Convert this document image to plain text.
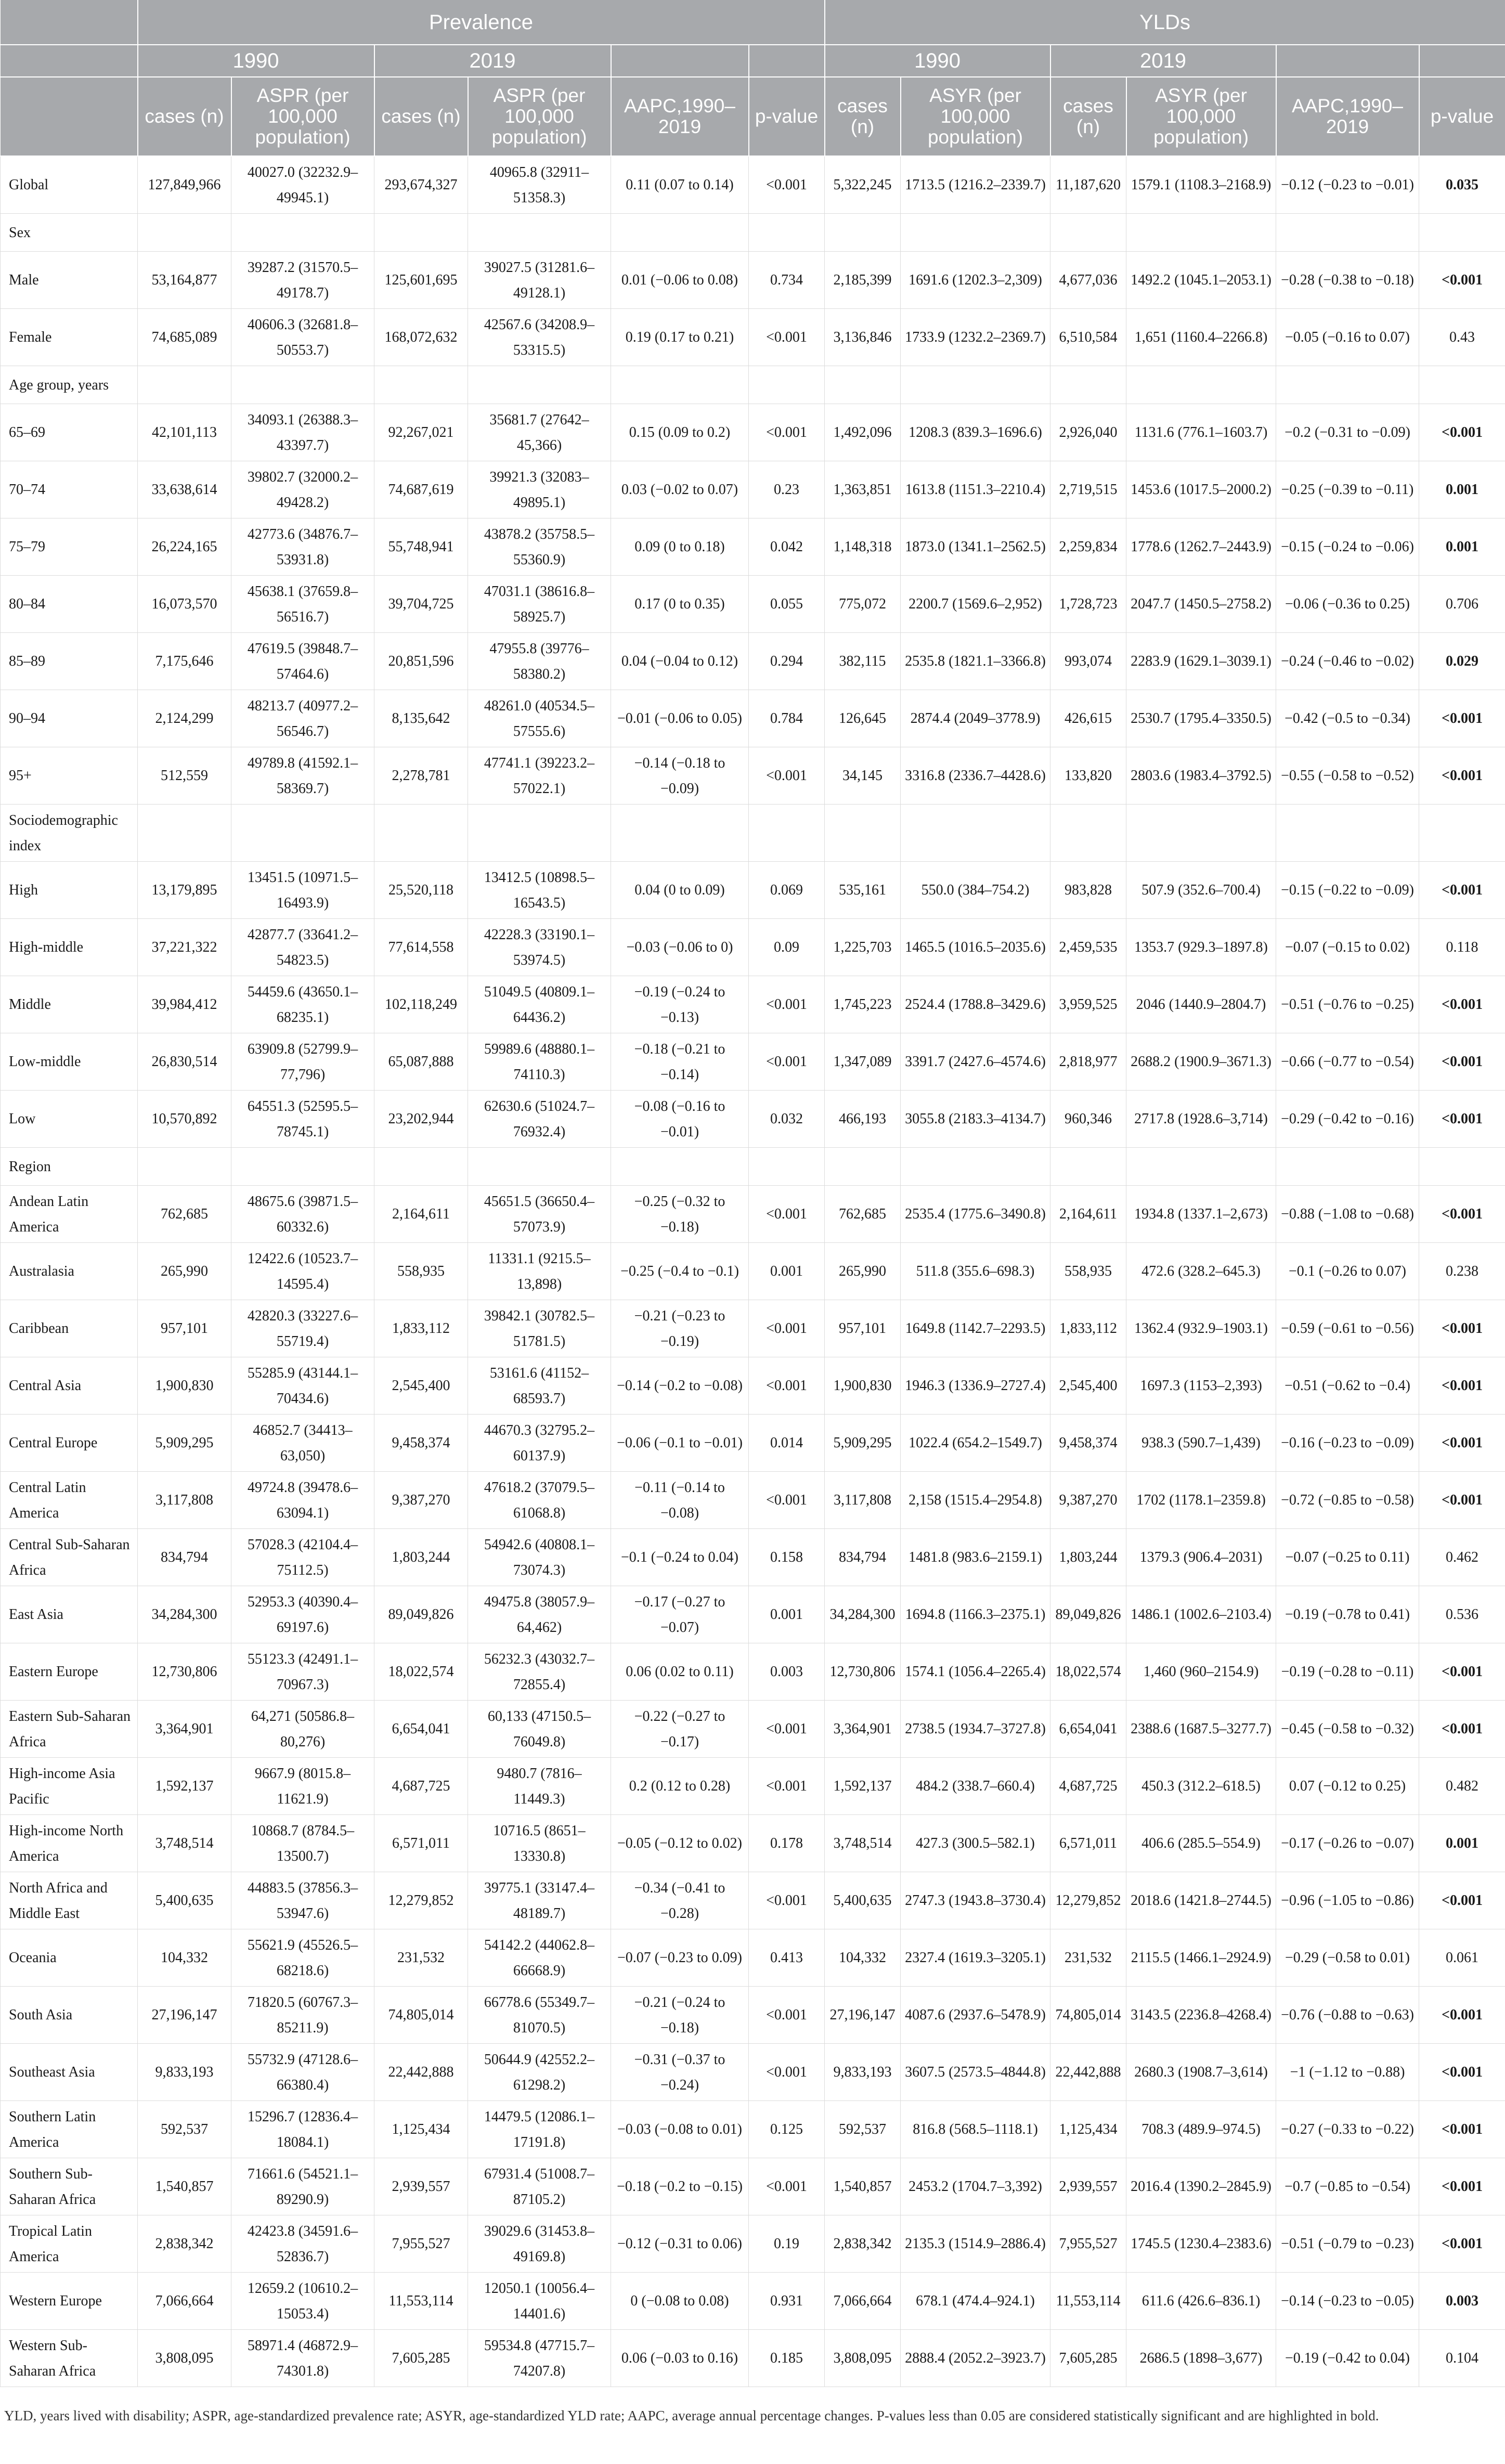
	Prevalence						YLDs					
	1990		2019				1990		2019			
	cases (n)	ASPR (per 100,000 population)	cases (n)	ASPR (per 100,000 population)	AAPC,1990–2019	p-value	cases (n)	ASYR (per 100,000 population)	cases (n)	ASYR (per 100,000 population)	AAPC,1990–2019	p-value
Global	127,849,966	40027.0 (32232.9–49945.1)	293,674,327	40965.8 (32911–51358.3)	0.11 (0.07 to 0.14)	<0.001	5,322,245	1713.5 (1216.2–2339.7)	11,187,620	1579.1 (1108.3–2168.9)	−0.12 (−0.23 to −0.01)	0.035
Sex												
Male	53,164,877	39287.2 (31570.5–49178.7)	125,601,695	39027.5 (31281.6–49128.1)	0.01 (−0.06 to 0.08)	0.734	2,185,399	1691.6 (1202.3–2,309)	4,677,036	1492.2 (1045.1–2053.1)	−0.28 (−0.38 to −0.18)	<0.001
Female	74,685,089	40606.3 (32681.8–50553.7)	168,072,632	42567.6 (34208.9–53315.5)	0.19 (0.17 to 0.21)	<0.001	3,136,846	1733.9 (1232.2–2369.7)	6,510,584	1,651 (1160.4–2266.8)	−0.05 (−0.16 to 0.07)	0.43
Age group, years												
65–69	42,101,113	34093.1 (26388.3–43397.7)	92,267,021	35681.7 (27642–45,366)	0.15 (0.09 to 0.2)	<0.001	1,492,096	1208.3 (839.3–1696.6)	2,926,040	1131.6 (776.1–1603.7)	−0.2 (−0.31 to −0.09)	<0.001
70–74	33,638,614	39802.7 (32000.2–49428.2)	74,687,619	39921.3 (32083–49895.1)	0.03 (−0.02 to 0.07)	0.23	1,363,851	1613.8 (1151.3–2210.4)	2,719,515	1453.6 (1017.5–2000.2)	−0.25 (−0.39 to −0.11)	0.001
75–79	26,224,165	42773.6 (34876.7–53931.8)	55,748,941	43878.2 (35758.5–55360.9)	0.09 (0 to 0.18)	0.042	1,148,318	1873.0 (1341.1–2562.5)	2,259,834	1778.6 (1262.7–2443.9)	−0.15 (−0.24 to −0.06)	0.001
80–84	16,073,570	45638.1 (37659.8–56516.7)	39,704,725	47031.1 (38616.8–58925.7)	0.17 (0 to 0.35)	0.055	775,072	2200.7 (1569.6–2,952)	1,728,723	2047.7 (1450.5–2758.2)	−0.06 (−0.36 to 0.25)	0.706
85–89	7,175,646	47619.5 (39848.7–57464.6)	20,851,596	47955.8 (39776–58380.2)	0.04 (−0.04 to 0.12)	0.294	382,115	2535.8 (1821.1–3366.8)	993,074	2283.9 (1629.1–3039.1)	−0.24 (−0.46 to −0.02)	0.029
90–94	2,124,299	48213.7 (40977.2–56546.7)	8,135,642	48261.0 (40534.5–57555.6)	−0.01 (−0.06 to 0.05)	0.784	126,645	2874.4 (2049–3778.9)	426,615	2530.7 (1795.4–3350.5)	−0.42 (−0.5 to −0.34)	<0.001
95+	512,559	49789.8 (41592.1–58369.7)	2,278,781	47741.1 (39223.2–57022.1)	−0.14 (−0.18 to −0.09)	<0.001	34,145	3316.8 (2336.7–4428.6)	133,820	2803.6 (1983.4–3792.5)	−0.55 (−0.58 to −0.52)	<0.001
Sociodemographic index												
High	13,179,895	13451.5 (10971.5–16493.9)	25,520,118	13412.5 (10898.5–16543.5)	0.04 (0 to 0.09)	0.069	535,161	550.0 (384–754.2)	983,828	507.9 (352.6–700.4)	−0.15 (−0.22 to −0.09)	<0.001
High-middle	37,221,322	42877.7 (33641.2–54823.5)	77,614,558	42228.3 (33190.1–53974.5)	−0.03 (−0.06 to 0)	0.09	1,225,703	1465.5 (1016.5–2035.6)	2,459,535	1353.7 (929.3–1897.8)	−0.07 (−0.15 to 0.02)	0.118
Middle	39,984,412	54459.6 (43650.1–68235.1)	102,118,249	51049.5 (40809.1–64436.2)	−0.19 (−0.24 to −0.13)	<0.001	1,745,223	2524.4 (1788.8–3429.6)	3,959,525	2046 (1440.9–2804.7)	−0.51 (−0.76 to −0.25)	<0.001
Low-middle	26,830,514	63909.8 (52799.9–77,796)	65,087,888	59989.6 (48880.1–74110.3)	−0.18 (−0.21 to −0.14)	<0.001	1,347,089	3391.7 (2427.6–4574.6)	2,818,977	2688.2 (1900.9–3671.3)	−0.66 (−0.77 to −0.54)	<0.001
Low	10,570,892	64551.3 (52595.5–78745.1)	23,202,944	62630.6 (51024.7–76932.4)	−0.08 (−0.16 to −0.01)	0.032	466,193	3055.8 (2183.3–4134.7)	960,346	2717.8 (1928.6–3,714)	−0.29 (−0.42 to −0.16)	<0.001
Region												
Andean Latin America	762,685	48675.6 (39871.5–60332.6)	2,164,611	45651.5 (36650.4–57073.9)	−0.25 (−0.32 to −0.18)	<0.001	762,685	2535.4 (1775.6–3490.8)	2,164,611	1934.8 (1337.1–2,673)	−0.88 (−1.08 to −0.68)	<0.001
Australasia	265,990	12422.6 (10523.7–14595.4)	558,935	11331.1 (9215.5–13,898)	−0.25 (−0.4 to −0.1)	0.001	265,990	511.8 (355.6–698.3)	558,935	472.6 (328.2–645.3)	−0.1 (−0.26 to 0.07)	0.238
Caribbean	957,101	42820.3 (33227.6–55719.4)	1,833,112	39842.1 (30782.5–51781.5)	−0.21 (−0.23 to −0.19)	<0.001	957,101	1649.8 (1142.7–2293.5)	1,833,112	1362.4 (932.9–1903.1)	−0.59 (−0.61 to −0.56)	<0.001
Central Asia	1,900,830	55285.9 (43144.1–70434.6)	2,545,400	53161.6 (41152–68593.7)	−0.14 (−0.2 to −0.08)	<0.001	1,900,830	1946.3 (1336.9–2727.4)	2,545,400	1697.3 (1153–2,393)	−0.51 (−0.62 to −0.4)	<0.001
Central Europe	5,909,295	46852.7 (34413–63,050)	9,458,374	44670.3 (32795.2–60137.9)	−0.06 (−0.1 to −0.01)	0.014	5,909,295	1022.4 (654.2–1549.7)	9,458,374	938.3 (590.7–1,439)	−0.16 (−0.23 to −0.09)	<0.001
Central Latin America	3,117,808	49724.8 (39478.6–63094.1)	9,387,270	47618.2 (37079.5–61068.8)	−0.11 (−0.14 to −0.08)	<0.001	3,117,808	2,158 (1515.4–2954.8)	9,387,270	1702 (1178.1–2359.8)	−0.72 (−0.85 to −0.58)	<0.001
Central Sub-Saharan Africa	834,794	57028.3 (42104.4–75112.5)	1,803,244	54942.6 (40808.1–73074.3)	−0.1 (−0.24 to 0.04)	0.158	834,794	1481.8 (983.6–2159.1)	1,803,244	1379.3 (906.4–2031)	−0.07 (−0.25 to 0.11)	0.462
East Asia	34,284,300	52953.3 (40390.4–69197.6)	89,049,826	49475.8 (38057.9–64,462)	−0.17 (−0.27 to −0.07)	0.001	34,284,300	1694.8 (1166.3–2375.1)	89,049,826	1486.1 (1002.6–2103.4)	−0.19 (−0.78 to 0.41)	0.536
Eastern Europe	12,730,806	55123.3 (42491.1–70967.3)	18,022,574	56232.3 (43032.7–72855.4)	0.06 (0.02 to 0.11)	0.003	12,730,806	1574.1 (1056.4–2265.4)	18,022,574	1,460 (960–2154.9)	−0.19 (−0.28 to −0.11)	<0.001
Eastern Sub-Saharan Africa	3,364,901	64,271 (50586.8–80,276)	6,654,041	60,133 (47150.5–76049.8)	−0.22 (−0.27 to −0.17)	<0.001	3,364,901	2738.5 (1934.7–3727.8)	6,654,041	2388.6 (1687.5–3277.7)	−0.45 (−0.58 to −0.32)	<0.001
High-income Asia Pacific	1,592,137	9667.9 (8015.8–11621.9)	4,687,725	9480.7 (7816–11449.3)	0.2 (0.12 to 0.28)	<0.001	1,592,137	484.2 (338.7–660.4)	4,687,725	450.3 (312.2–618.5)	0.07 (−0.12 to 0.25)	0.482
High-income North America	3,748,514	10868.7 (8784.5–13500.7)	6,571,011	10716.5 (8651–13330.8)	−0.05 (−0.12 to 0.02)	0.178	3,748,514	427.3 (300.5–582.1)	6,571,011	406.6 (285.5–554.9)	−0.17 (−0.26 to −0.07)	0.001
North Africa and Middle East	5,400,635	44883.5 (37856.3–53947.6)	12,279,852	39775.1 (33147.4–48189.7)	−0.34 (−0.41 to −0.28)	<0.001	5,400,635	2747.3 (1943.8–3730.4)	12,279,852	2018.6 (1421.8–2744.5)	−0.96 (−1.05 to −0.86)	<0.001
Oceania	104,332	55621.9 (45526.5–68218.6)	231,532	54142.2 (44062.8–66668.9)	−0.07 (−0.23 to 0.09)	0.413	104,332	2327.4 (1619.3–3205.1)	231,532	2115.5 (1466.1–2924.9)	−0.29 (−0.58 to 0.01)	0.061
South Asia	27,196,147	71820.5 (60767.3–85211.9)	74,805,014	66778.6 (55349.7–81070.5)	−0.21 (−0.24 to −0.18)	<0.001	27,196,147	4087.6 (2937.6–5478.9)	74,805,014	3143.5 (2236.8–4268.4)	−0.76 (−0.88 to −0.63)	<0.001
Southeast Asia	9,833,193	55732.9 (47128.6–66380.4)	22,442,888	50644.9 (42552.2–61298.2)	−0.31 (−0.37 to −0.24)	<0.001	9,833,193	3607.5 (2573.5–4844.8)	22,442,888	2680.3 (1908.7–3,614)	−1 (−1.12 to −0.88)	<0.001
Southern Latin America	592,537	15296.7 (12836.4–18084.1)	1,125,434	14479.5 (12086.1–17191.8)	−0.03 (−0.08 to 0.01)	0.125	592,537	816.8 (568.5–1118.1)	1,125,434	708.3 (489.9–974.5)	−0.27 (−0.33 to −0.22)	<0.001
Southern Sub-Saharan Africa	1,540,857	71661.6 (54521.1–89290.9)	2,939,557	67931.4 (51008.7–87105.2)	−0.18 (−0.2 to −0.15)	<0.001	1,540,857	2453.2 (1704.7–3,392)	2,939,557	2016.4 (1390.2–2845.9)	−0.7 (−0.85 to −0.54)	<0.001
Tropical Latin America	2,838,342	42423.8 (34591.6–52836.7)	7,955,527	39029.6 (31453.8–49169.8)	−0.12 (−0.31 to 0.06)	0.19	2,838,342	2135.3 (1514.9–2886.4)	7,955,527	1745.5 (1230.4–2383.6)	−0.51 (−0.79 to −0.23)	<0.001
Western Europe	7,066,664	12659.2 (10610.2–15053.4)	11,553,114	12050.1 (10056.4–14401.6)	0 (−0.08 to 0.08)	0.931	7,066,664	678.1 (474.4–924.1)	11,553,114	611.6 (426.6–836.1)	−0.14 (−0.23 to −0.05)	0.003
Western Sub-Saharan Africa	3,808,095	58971.4 (46872.9–74301.8)	7,605,285	59534.8 (47715.7–74207.8)	0.06 (−0.03 to 0.16)	0.185	3,808,095	2888.4 (2052.2–3923.7)	7,605,285	2686.5 (1898–3,677)	−0.19 (−0.42 to 0.04)	0.104
YLD, years lived with disability; ASPR, age-standardized prevalence rate; ASYR, age-standardized YLD rate; AAPC, average annual percentage changes. P-values less than 0.05 are considered statistically significant and are highlighted in bold.
